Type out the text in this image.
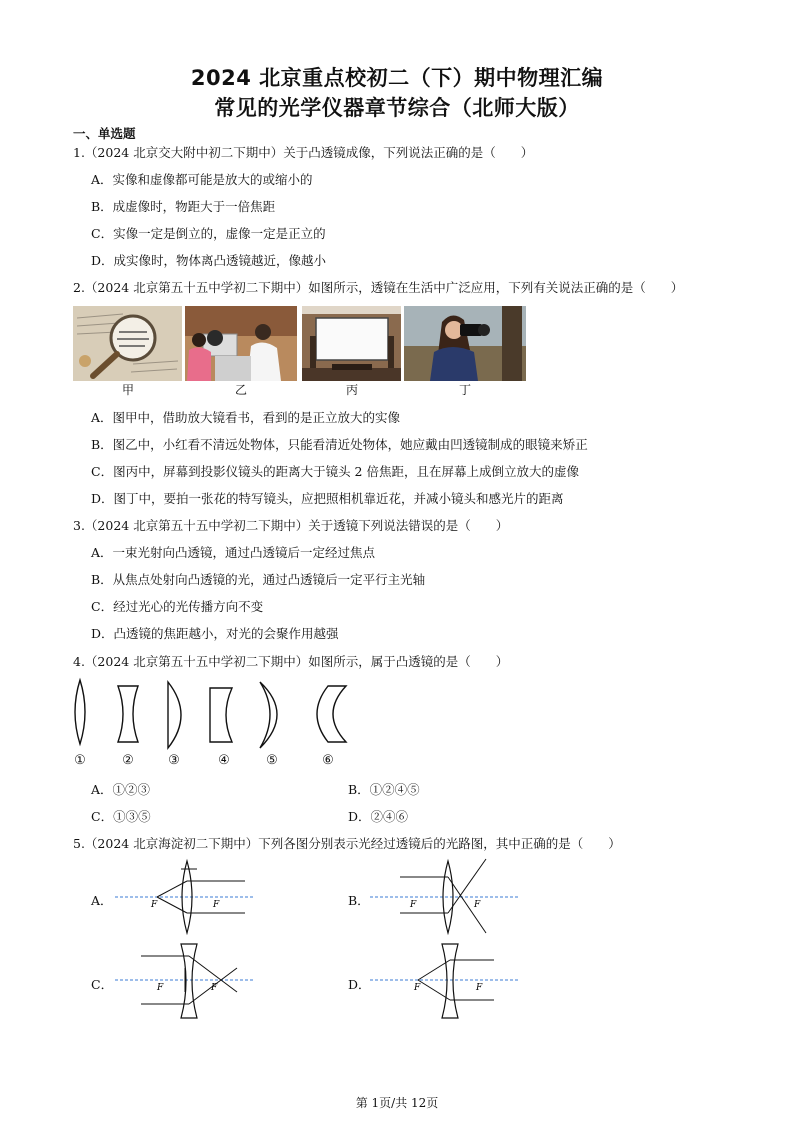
2024 北京重点校初二（下）期中物理汇编
常见的光学仪器章节综合（北师大版）
一、单选题
1.（2024 北京交大附中初二下期中）关于凸透镜成像，下列说法正确的是（　　）
A．实像和虚像都可能是放大的或缩小的
B．成虚像时，物距大于一倍焦距
C．实像一定是倒立的，虚像一定是正立的
D．成实像时，物体离凸透镜越近，像越小
2.（2024 北京第五十五中学初二下期中）如图所示，透镜在生活中广泛应用，下列有关说法正确的是（　　）
甲	乙	丙	丁
A．图甲中，借助放大镜看书，看到的是正立放大的实像
B．图乙中，小红看不清远处物体，只能看清近处物体，她应戴由凹透镜制成的眼镜来矫正
C．图丙中，屏幕到投影仪镜头的距离大于镜头 2 倍焦距，且在屏幕上成倒立放大的虚像
D．图丁中，要拍一张花的特写镜头，应把照相机靠近花，并减小镜头和感光片的距离
3.（2024 北京第五十五中学初二下期中）关于透镜下列说法错误的是（　　）
A．一束光射向凸透镜，通过凸透镜后一定经过焦点
B．从焦点处射向凸透镜的光，通过凸透镜后一定平行主光轴
C．经过光心的光传播方向不变
D．凸透镜的焦距越小，对光的会聚作用越强
4.（2024 北京第五十五中学初二下期中）如图所示，属于凸透镜的是（　　）
①	②	③	④	⑤	⑥
A．①②③	B．①②④⑤
C．①③⑤	D．②④⑥
5.（2024 北京海淀初二下期中）下列各图分别表示光经过透镜后的光路图，其中正确的是（　　）
A．	B．
C．	D．
F	F	F	F
F	F	F	F
第 1页/共 12页
